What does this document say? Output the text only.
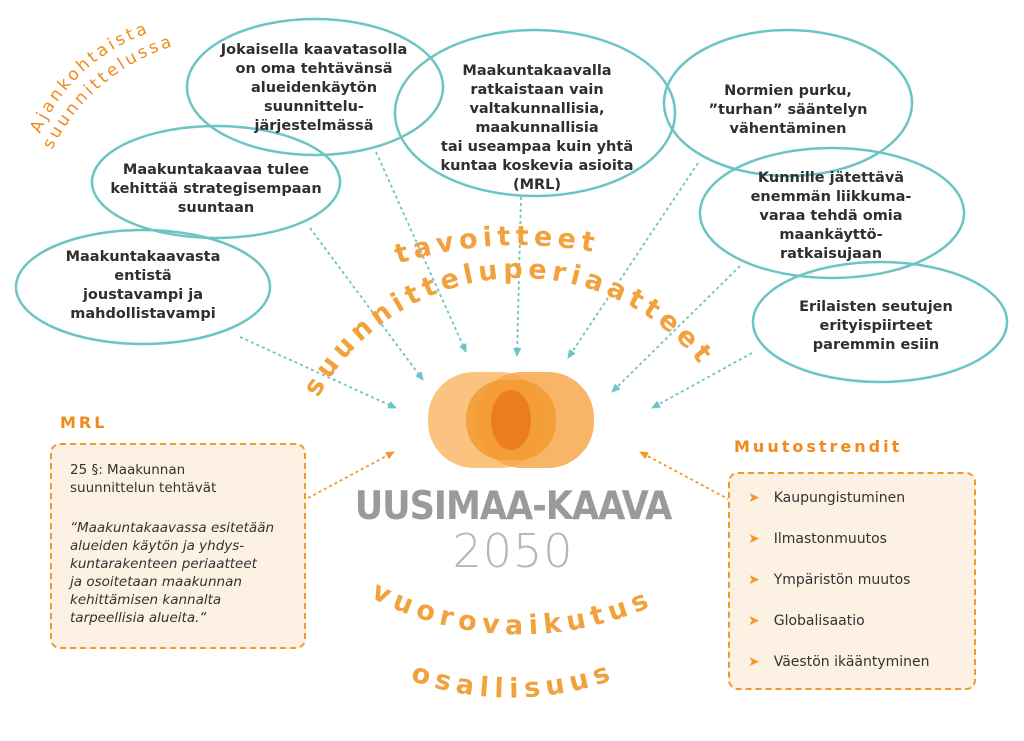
Ajankohtaista
suunnittelussa
tavoitteet
suunnitteluperiaatteet
vuorovaikutus
osallisuus
Maakuntakaavasta
entistä
joustavampi ja
mahdollistavampi
Maakuntakaavaa tulee
kehittää strategisempaan
suuntaan
Jokaisella kaavatasolla
on oma tehtävänsä
alueidenkäytön
suunnittelu-
järjestelmässä
Maakuntakaavalla
ratkaistaan vain
valtakunnallisia, maakunnallisia
tai useampaa kuin yhtä
kuntaa koskevia asioita
(MRL)
Normien purku,
”turhan” sääntelyn
vähentäminen
Kunnille jätettävä
enemmän liikkuma-
varaa tehdä omia
maankäyttö-
ratkaisujaan
Erilaisten seutujen
erityispiirteet
paremmin esiin
UUSIMAA-KAAVA
2050
MRL
25 §: Maakunnan
suunnittelun tehtävät
“Maakuntakaavassa esitetään
alueiden käytön ja yhdys-
kuntarakenteen periaatteet
ja osoitetaan maakunnan
kehittämisen kannalta
tarpeellisia alueita.“
Muutostrendit
➤ Kaupungistuminen
➤ Ilmastonmuutos
➤ Ympäristön muutos
➤ Globalisaatio
➤ Väestön ikääntyminen
